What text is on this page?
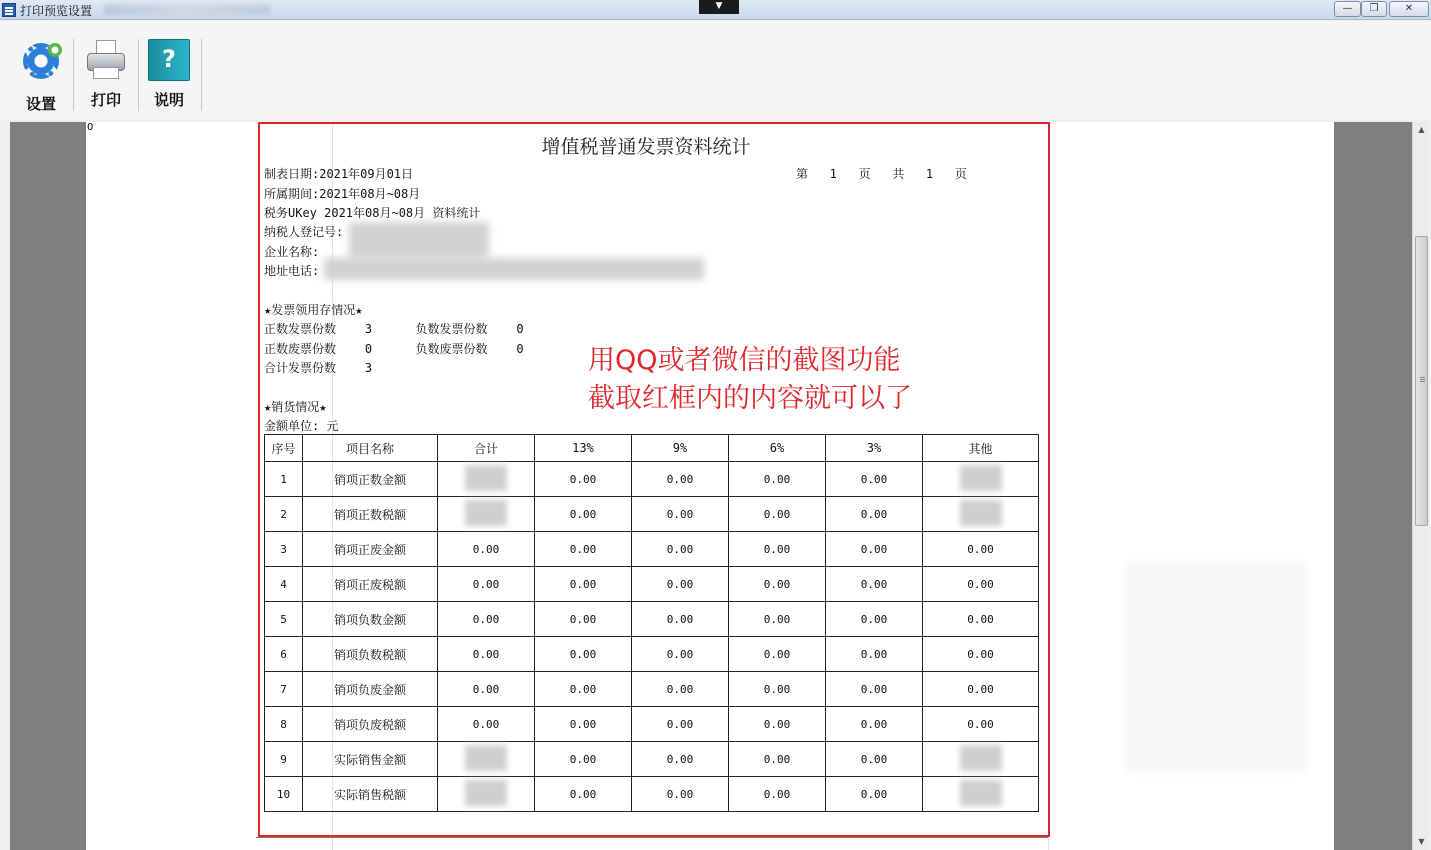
打印预览设置	▼	—	❐	✕
设置	打印
?
说明
0
增值税普通发票资料统计
制表日期:2021年09月01日	第   1   页   共   1   页
所属期间:2021年08月~08月
税务UKey 2021年08月~08月 资料统计
纳税人登记号:
企业名称:
地址电话:
★发票领用存情况★
正数发票份数    3      负数发票份数    0
正数废票份数    0      负数废票份数    0
合计发票份数    3
★销货情况★
金额单位: 元
序号	项目名称	合计	13%	9%	6%	3%	其他
1	销项正数金额		0.00	0.00	0.00	0.00	
2	销项正数税额		0.00	0.00	0.00	0.00	
3	销项正废金额	0.00	0.00	0.00	0.00	0.00	0.00
4	销项正废税额	0.00	0.00	0.00	0.00	0.00	0.00
5	销项负数金额	0.00	0.00	0.00	0.00	0.00	0.00
6	销项负数税额	0.00	0.00	0.00	0.00	0.00	0.00
7	销项负废金额	0.00	0.00	0.00	0.00	0.00	0.00
8	销项负废税额	0.00	0.00	0.00	0.00	0.00	0.00
9	实际销售金额		0.00	0.00	0.00	0.00	
10	实际销售税额		0.00	0.00	0.00	0.00	
用QQ或者微信的截图功能
截取红框内的内容就可以了
▲
▼
